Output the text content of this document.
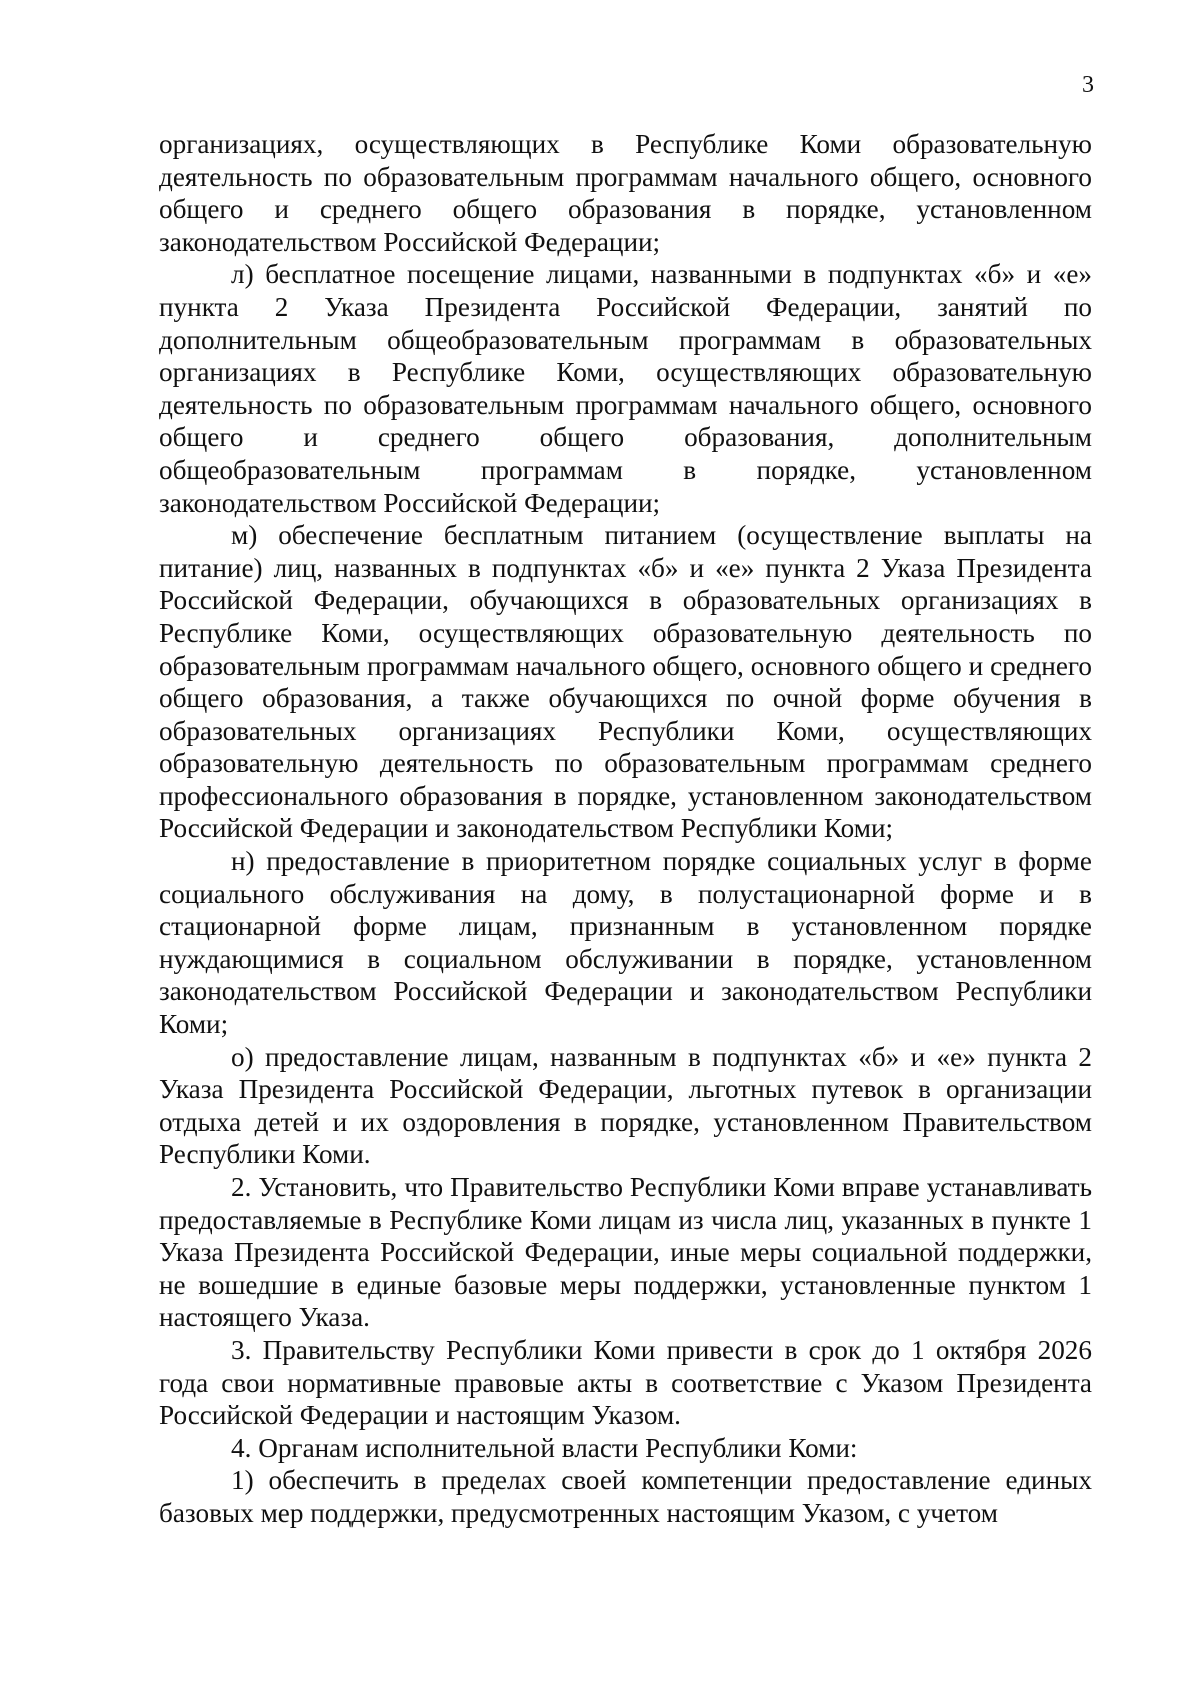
3

организациях, осуществляющих в Республике Коми образовательную деятельность по образовательным программам начального общего, основного общего и среднего общего образования в порядке, установленном законодательством Российской Федерации;

л) бесплатное посещение лицами, названными в подпунктах «б» и «е» пункта 2 Указа Президента Российской Федерации, занятий по дополнительным общеобразовательным программам в образовательных организациях в Республике Коми, осуществляющих образовательную деятельность по образовательным программам начального общего, основного общего и среднего общего образования, дополнительным общеобразовательным программам в порядке, установленном законодательством Российской Федерации;

м) обеспечение бесплатным питанием (осуществление выплаты на питание) лиц, названных в подпунктах «б» и «е» пункта 2 Указа Президента Российской Федерации, обучающихся в образовательных организациях в Республике Коми, осуществляющих образовательную деятельность по образовательным программам начального общего, основного общего и среднего общего образования, а также обучающихся по очной форме обучения в образовательных организациях Республики Коми, осуществляющих образовательную деятельность по образовательным программам среднего профессионального образования в порядке, установленном законодательством Российской Федерации и законодательством Республики Коми;

н) предоставление в приоритетном порядке социальных услуг в форме социального обслуживания на дому, в полустационарной форме и в стационарной форме лицам, признанным в установленном порядке нуждающимися в социальном обслуживании в порядке, установленном законодательством Российской Федерации и законодательством Республики Коми;

о) предоставление лицам, названным в подпунктах «б» и «е» пункта 2 Указа Президента Российской Федерации, льготных путевок в организации отдыха детей и их оздоровления в порядке, установленном Правительством Республики Коми.

2. Установить, что Правительство Республики Коми вправе устанавливать предоставляемые в Республике Коми лицам из числа лиц, указанных в пункте 1 Указа Президента Российской Федерации, иные меры социальной поддержки, не вошедшие в единые базовые меры поддержки, установленные пунктом 1 настоящего Указа.

3. Правительству Республики Коми привести в срок до 1 октября 2026 года свои нормативные правовые акты в соответствие с Указом Президента Российской Федерации и настоящим Указом.

4. Органам исполнительной власти Республики Коми:

1) обеспечить в пределах своей компетенции предоставление единых базовых мер поддержки, предусмотренных настоящим Указом, с учетом
